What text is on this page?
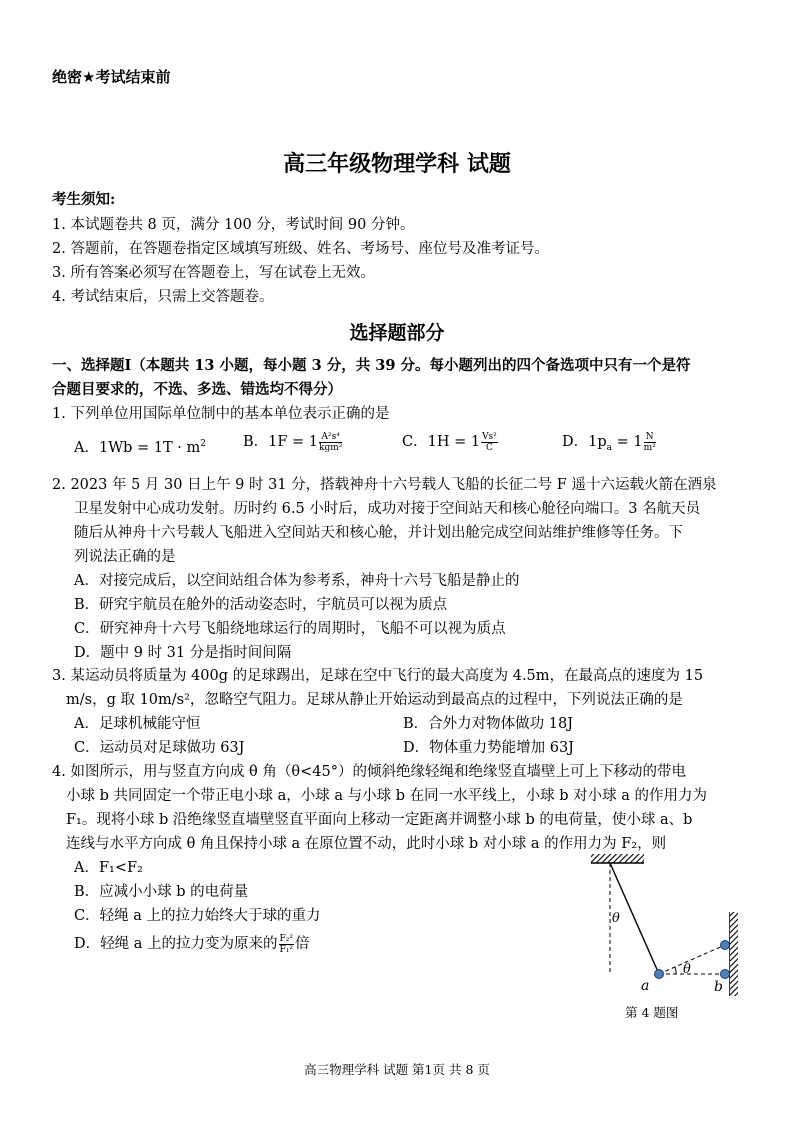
绝密★考试结束前
高三年级物理学科 试题
考生须知:
1. 本试题卷共 8 页，满分 100 分，考试时间 90 分钟。
2. 答题前，在答题卷指定区域填写班级、姓名、考场号、座位号及准考证号。
3. 所有答案必须写在答题卷上，写在试卷上无效。
4. 考试结束后，只需上交答题卷。
选择题部分
一、选择题Ⅰ（本题共 13 小题，每小题 3 分，共 39 分。每小题列出的四个备选项中只有一个是符
合题目要求的，不选、多选、错选均不得分）
1. 下列单位用国际单位制中的基本单位表示正确的是
A．$1Wb = 1T \cdot m^2$	B．$1F = 1 \frac{\text{A²s⁴}}{\text{kgm²}}$	C．$1H = 1 \frac{\text{Vs²}}{C}$	D．$1p_a = 1 \frac{N}{\text{m²}}$
2. 2023 年 5 月 30 日上午 9 时 31 分，搭载神舟十六号载人飞船的长征二号 F 遥十六运载火箭在酒泉
卫星发射中心成功发射。历时约 6.5 小时后，成功对接于空间站天和核心舱径向端口。3 名航天员
随后从神舟十六号载人飞船进入空间站天和核心舱，并计划出舱完成空间站维护维修等任务。下
列说法正确的是
A．对接完成后，以空间站组合体为参考系，神舟十六号飞船是静止的
B．研究宇航员在舱外的活动姿态时，宇航员可以视为质点
C．研究神舟十六号飞船绕地球运行的周期时，飞船不可以视为质点
D．题中 9 时 31 分是指时间间隔
3. 某运动员将质量为 400g 的足球踢出，足球在空中飞行的最大高度为 4.5m，在最高点的速度为 15
m/s，g 取 10m/s²，忽略空气阻力。足球从静止开始运动到最高点的过程中，下列说法正确的是
A．足球机械能守恒	B．合外力对物体做功 18J
C．运动员对足球做功 63J	D．物体重力势能增加 63J
4. 如图所示，用与竖直方向成 θ 角（θ<45°）的倾斜绝缘轻绳和绝缘竖直墙壁上可上下移动的带电
小球 b 共同固定一个带正电小球 a，小球 a 与小球 b 在同一水平线上，小球 b 对小球 a 的作用力为
F₁。现将小球 b 沿绝缘竖直墙壁竖直平面向上移动一定距离并调整小球 b 的电荷量，使小球 a、b
连线与水平方向成 θ 角且保持小球 a 在原位置不动，此时小球 b 对小球 a 的作用力为 F₂，则
A．F₁<F₂
B．应减小小球 b 的电荷量
C．轻绳 a 上的拉力始终大于球的重力
D．轻绳 a 上的拉力变为原来的 $\frac{\text{F₂²}}{\text{F₁²}}$ 倍
θ
θ
a	b
第 4 题图
高三物理学科 试题 第1页 共 8 页
